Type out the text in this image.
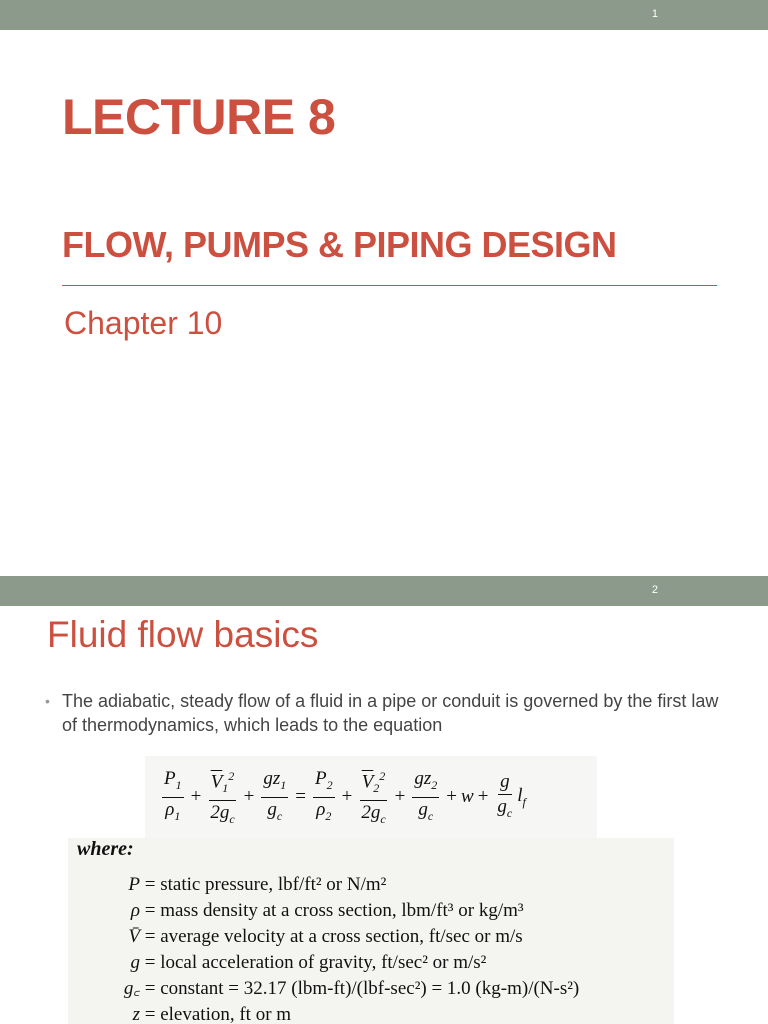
1
LECTURE 8
FLOW, PUMPS & PIPING DESIGN
Chapter 10
2
Fluid flow basics
• The adiabatic, steady flow of a fluid in a pipe or conduit is governed by the first law of thermodynamics, which leads to the equation
$\frac{P_1}{\rho_1} + \frac{\overline{V}_1^2}{2g_c} + \frac{gz_1}{g_c} = \frac{P_2}{\rho_2} + \frac{\overline{V}_2^2}{2g_c} + \frac{gz_2}{g_c} + w + \frac{g}{g_c} l_f$
where:
P = static pressure, lbf/ft² or N/m²
ρ = mass density at a cross section, lbm/ft³ or kg/m³
V̄ = average velocity at a cross section, ft/sec or m/s
g = local acceleration of gravity, ft/sec² or m/s²
g꜀ = constant = 32.17 (lbm-ft)/(lbf-sec²) = 1.0 (kg-m)/(N-s²)
z = elevation, ft or m
